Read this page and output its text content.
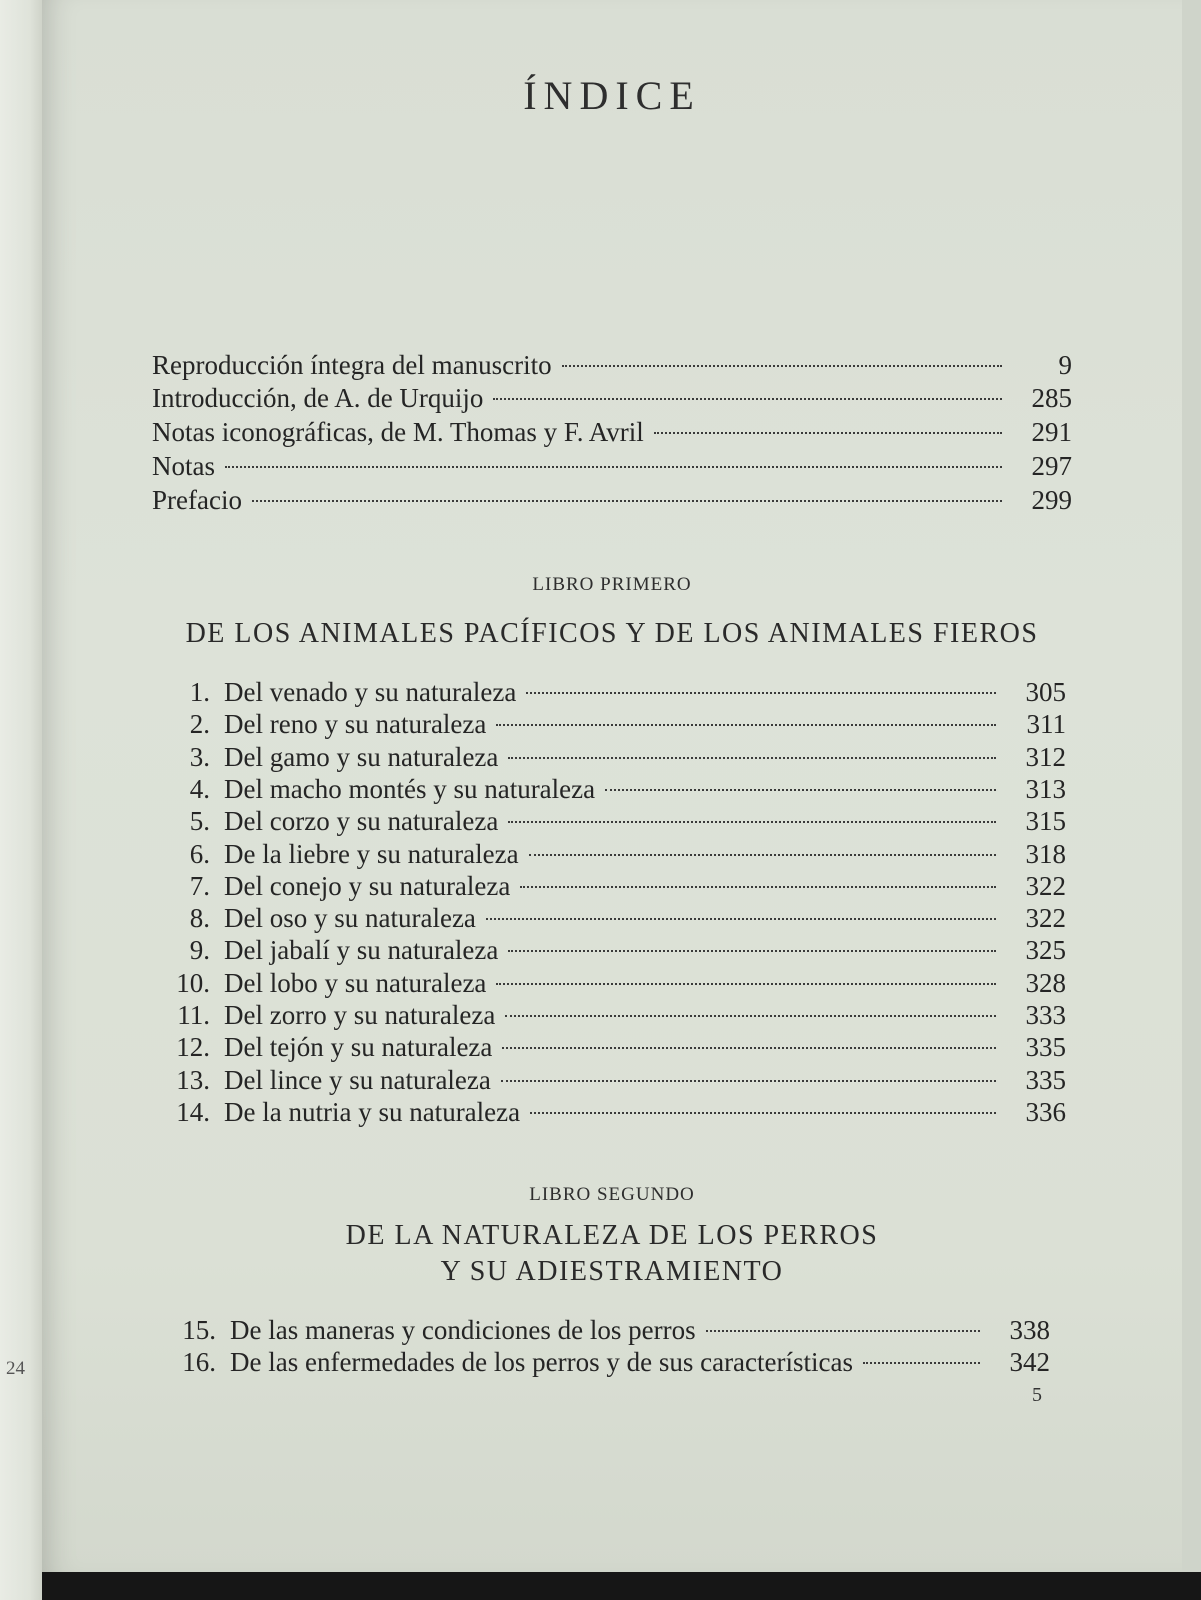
24
ÍNDICE
Reproducción íntegra del manuscrito	9
Introducción, de A. de Urquijo	285
Notas iconográficas, de M. Thomas y F. Avril	291
Notas	297
Prefacio	299
LIBRO PRIMERO
DE LOS ANIMALES PACÍFICOS Y DE LOS ANIMALES FIEROS
1. Del venado y su naturaleza	305
2. Del reno y su naturaleza	311
3. Del gamo y su naturaleza	312
4. Del macho montés y su naturaleza	313
5. Del corzo y su naturaleza	315
6. De la liebre y su naturaleza	318
7. Del conejo y su naturaleza	322
8. Del oso y su naturaleza	322
9. Del jabalí y su naturaleza	325
10. Del lobo y su naturaleza	328
11. Del zorro y su naturaleza	333
12. Del tejón y su naturaleza	335
13. Del lince y su naturaleza	335
14. De la nutria y su naturaleza	336
LIBRO SEGUNDO
DE LA NATURALEZA DE LOS PERROS
Y SU ADIESTRAMIENTO
15. De las maneras y condiciones de los perros	338
16. De las enfermedades de los perros y de sus características	342
5
